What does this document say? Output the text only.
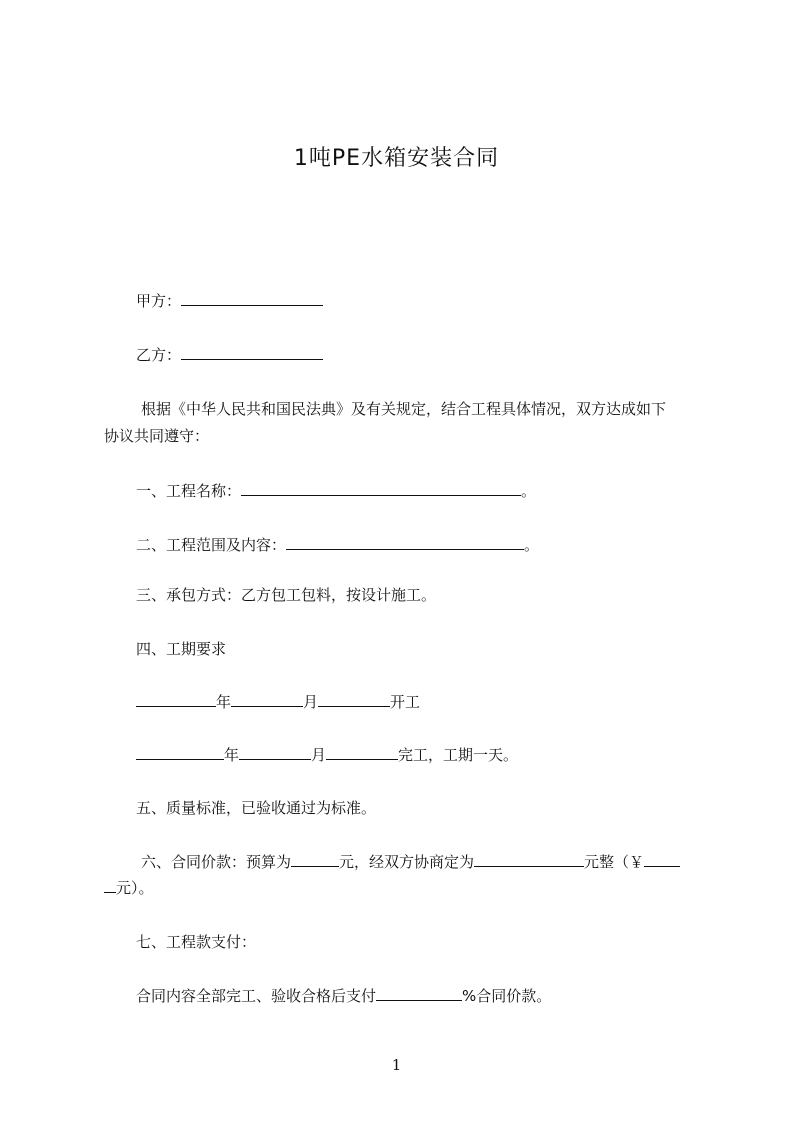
1吨PE水箱安装合同
甲方：
乙方：
根据《中华人民共和国民法典》及有关规定，结合工程具体情况，双方达成如下
协议共同遵守：
一、工程名称：	。
二、工程范围及内容：	。
三、承包方式：乙方包工包料，按设计施工。
四、工期要求
年	月	开工
年	月	完工，工期一天。
五、质量标准，已验收通过为标准。
六、合同价款：预算为	元，经双方协商定为	元整（￥
元）。
七、工程款支付：
合同内容全部完工、验收合格后支付	%合同价款。
1
